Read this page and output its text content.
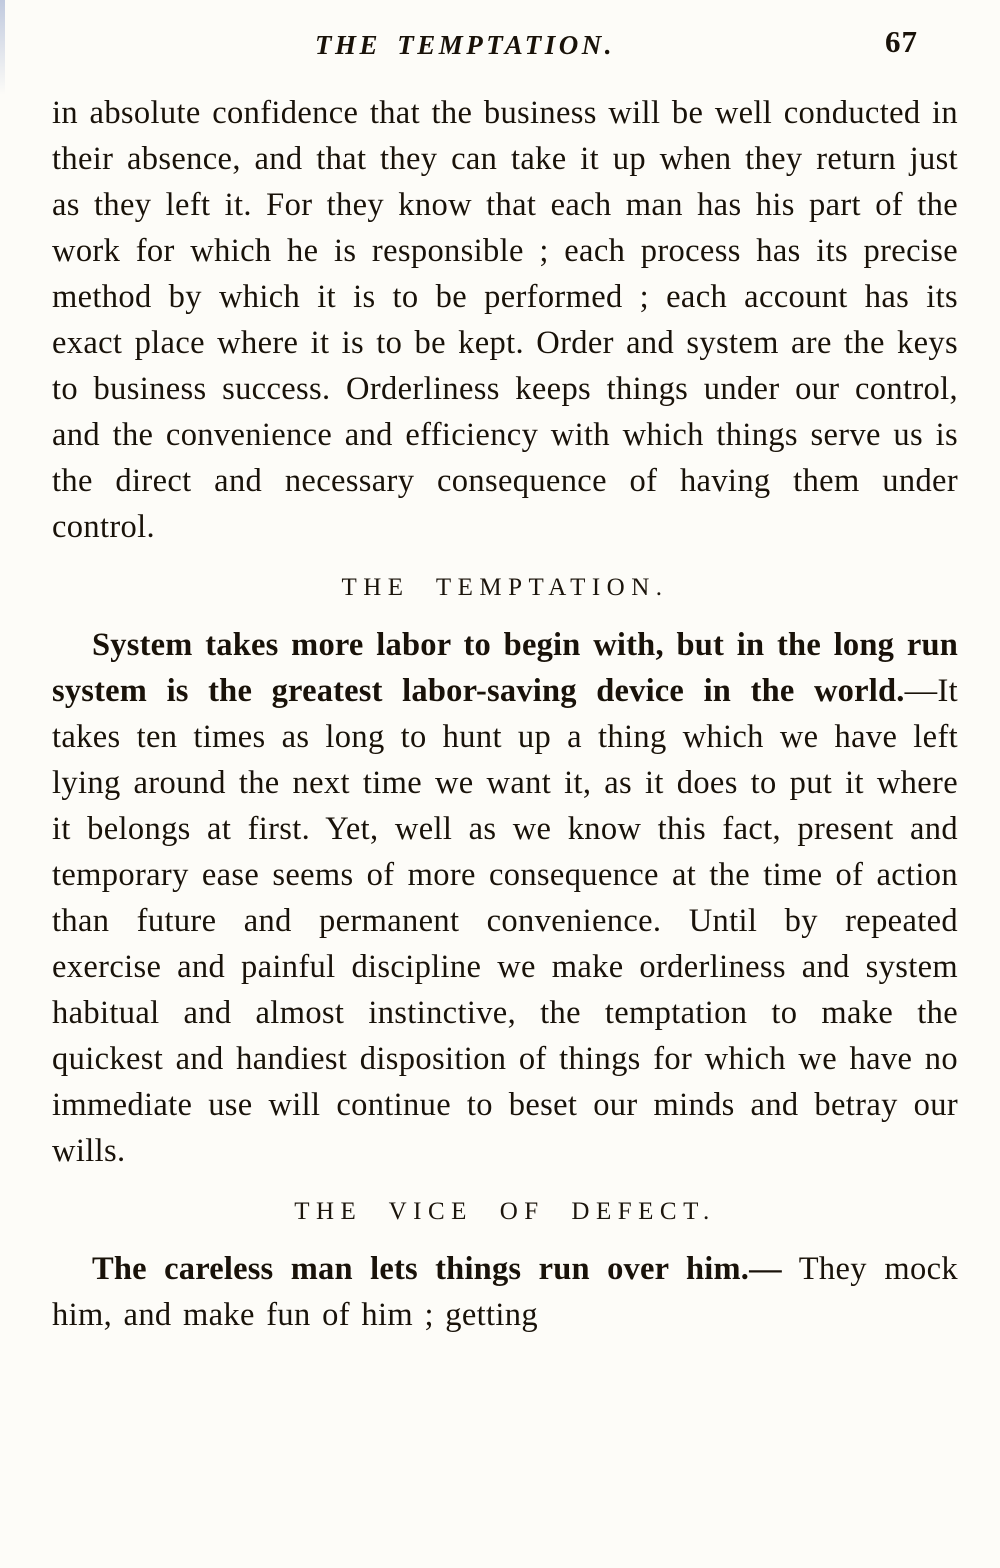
THE TEMPTATION.	67

in absolute confidence that the business will be well conducted in their absence, and that they can take it up when they return just as they left it. For they know that each man has his part of the work for which he is responsible ; each process has its precise method by which it is to be performed ; each account has its exact place where it is to be kept. Order and system are the keys to business success. Orderliness keeps things under our control, and the convenience and efficiency with which things serve us is the direct and necessary consequence of having them under control.

THE TEMPTATION.

System takes more labor to begin with, but in the long run system is the greatest labor-saving device in the world.—It takes ten times as long to hunt up a thing which we have left lying around the next time we want it, as it does to put it where it belongs at first. Yet, well as we know this fact, present and temporary ease seems of more consequence at the time of action than future and permanent convenience. Until by repeated exercise and painful discipline we make orderliness and system habitual and almost instinctive, the temptation to make the quickest and handiest disposition of things for which we have no immediate use will continue to beset our minds and betray our wills.

THE VICE OF DEFECT.

The careless man lets things run over him.— They mock him, and make fun of him ; getting
